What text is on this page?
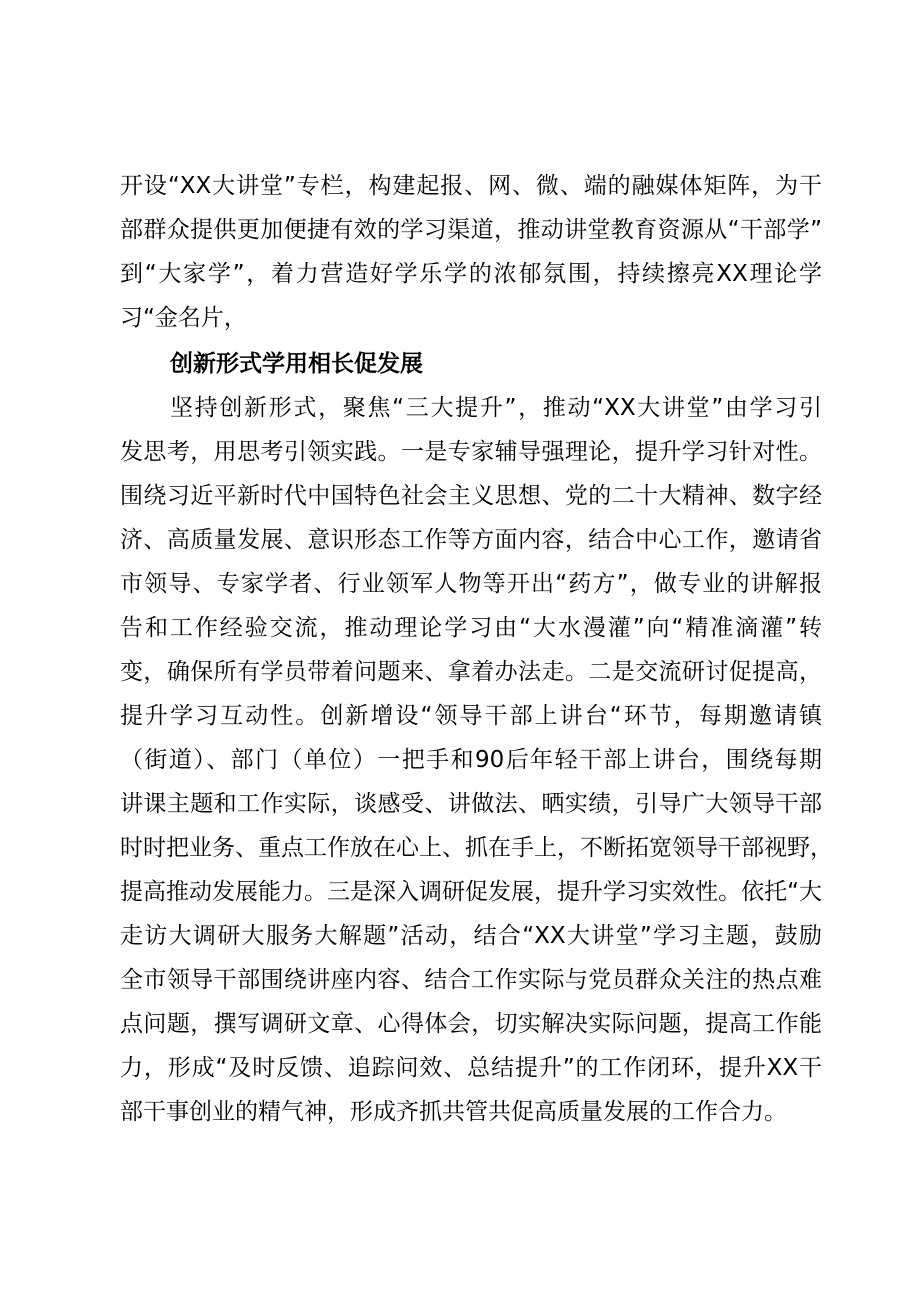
开设“XX大讲堂”专栏，构建起报、网、微、端的融媒体矩阵，为干
部群众提供更加便捷有效的学习渠道，推动讲堂教育资源从“干部学”
到“大家学”，着力营造好学乐学的浓郁氛围，持续擦亮XX理论学
习“金名片，
创新形式学用相长促发展
坚持创新形式，聚焦“三大提升”，推动“XX大讲堂”由学习引
发思考，用思考引领实践。一是专家辅导强理论，提升学习针对性。
围绕习近平新时代中国特色社会主义思想、党的二十大精神、数字经
济、高质量发展、意识形态工作等方面内容，结合中心工作，邀请省
市领导、专家学者、行业领军人物等开出“药方”，做专业的讲解报
告和工作经验交流，推动理论学习由“大水漫灌”向“精准滴灌”转
变，确保所有学员带着问题来、拿着办法走。二是交流研讨促提高，
提升学习互动性。创新增设“领导干部上讲台“环节，每期邀请镇
（街道）、部门（单位）一把手和90后年轻干部上讲台，围绕每期
讲课主题和工作实际，谈感受、讲做法、晒实绩，引导广大领导干部
时时把业务、重点工作放在心上、抓在手上，不断拓宽领导干部视野，
提高推动发展能力。三是深入调研促发展，提升学习实效性。依托“大
走访大调研大服务大解题”活动，结合“XX大讲堂”学习主题，鼓励
全市领导干部围绕讲座内容、结合工作实际与党员群众关注的热点难
点问题，撰写调研文章、心得体会，切实解决实际问题，提高工作能
力，形成“及时反馈、追踪问效、总结提升”的工作闭环，提升XX干
部干事创业的精气神，形成齐抓共管共促高质量发展的工作合力。
